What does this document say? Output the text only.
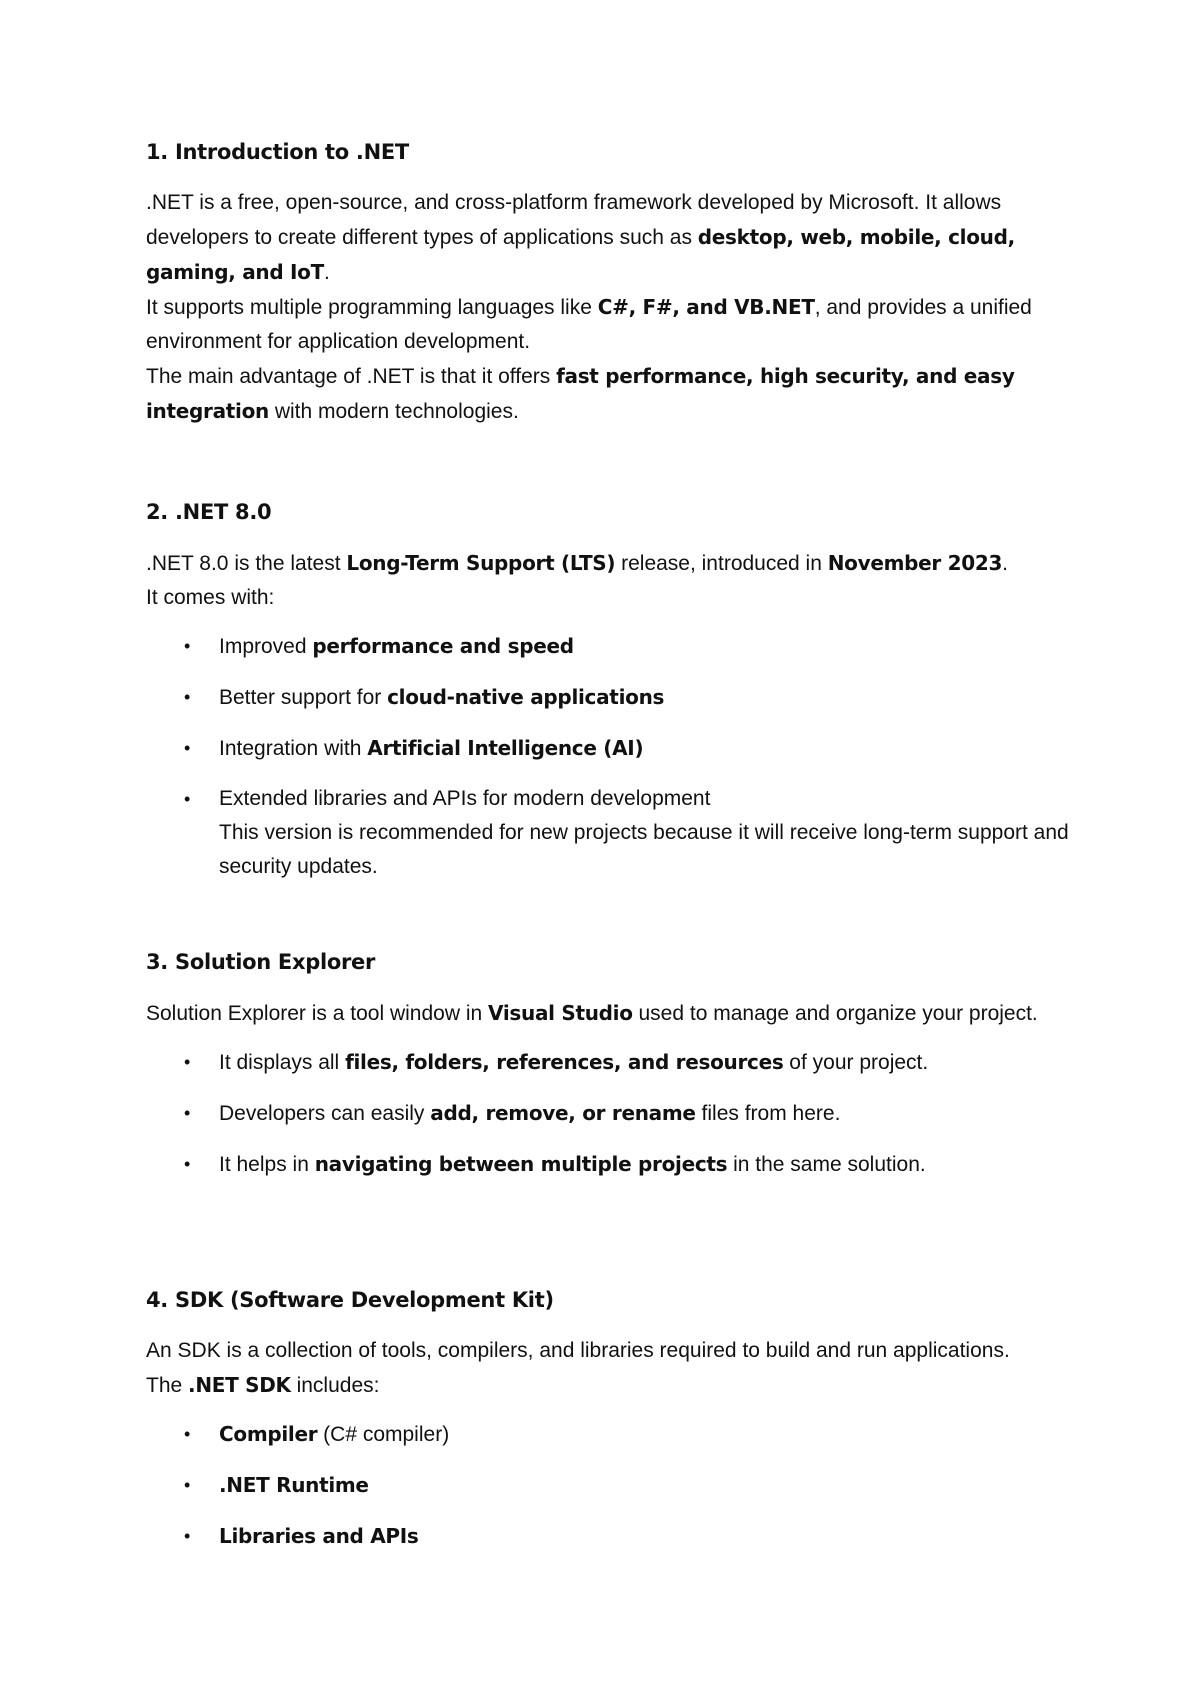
1. Introduction to .NET

.NET is a free, open-source, and cross-platform framework developed by Microsoft. It allows developers to create different types of applications such as desktop, web, mobile, cloud, gaming, and IoT.
It supports multiple programming languages like C#, F#, and VB.NET, and provides a unified environment for application development.
The main advantage of .NET is that it offers fast performance, high security, and easy integration with modern technologies.

2. .NET 8.0

.NET 8.0 is the latest Long-Term Support (LTS) release, introduced in November 2023.
It comes with:

• Improved performance and speed
• Better support for cloud-native applications
• Integration with Artificial Intelligence (AI)
• Extended libraries and APIs for modern development
This version is recommended for new projects because it will receive long-term support and security updates.
3. Solution Explorer

Solution Explorer is a tool window in Visual Studio used to manage and organize your project.

• It displays all files, folders, references, and resources of your project.
• Developers can easily add, remove, or rename files from here.
• It helps in navigating between multiple projects in the same solution.
4. SDK (Software Development Kit)

An SDK is a collection of tools, compilers, and libraries required to build and run applications.
The .NET SDK includes:

• Compiler (C# compiler)
• .NET Runtime
• Libraries and APIs
